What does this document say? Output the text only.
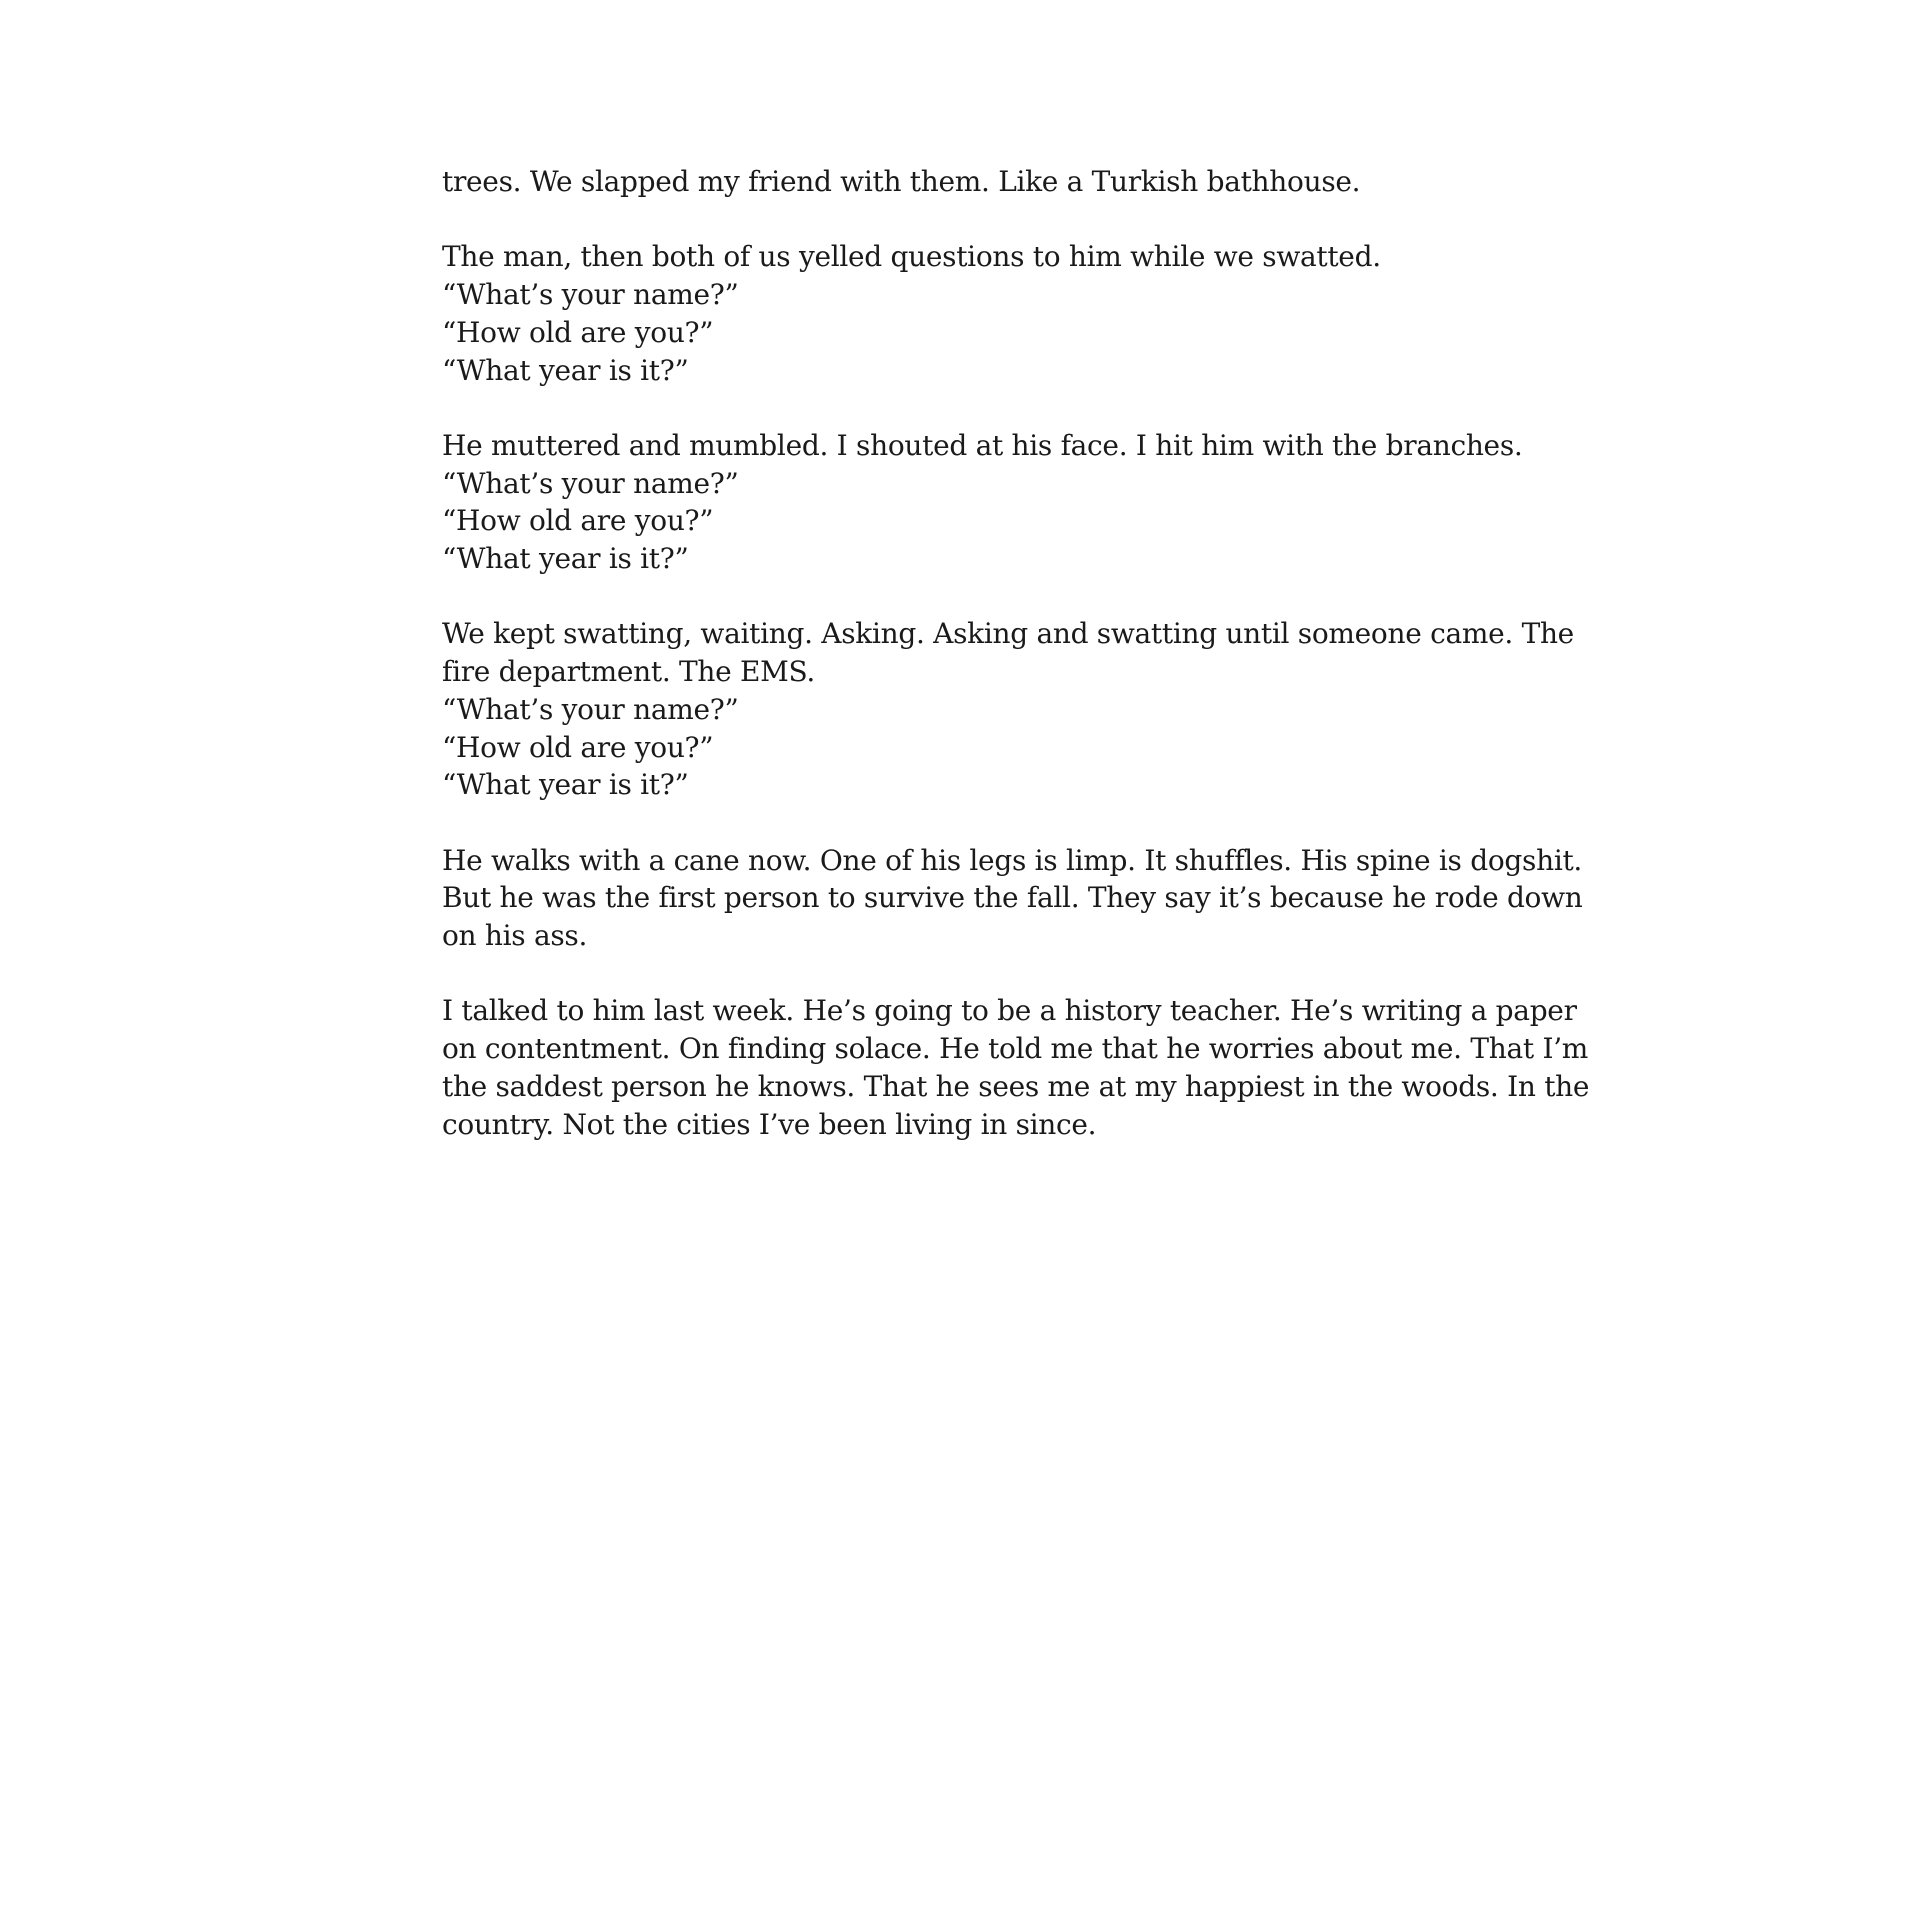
trees. We slapped my friend with them. Like a Turkish bathhouse.
The man, then both of us yelled questions to him while we swatted.
“What’s your name?”
“How old are you?”
“What year is it?”
He muttered and mumbled. I shouted at his face. I hit him with the branches.
“What’s your name?”
“How old are you?”
“What year is it?”
We kept swatting, waiting. Asking. Asking and swatting until someone came. The
fire department. The EMS.
“What’s your name?”
“How old are you?”
“What year is it?”
He walks with a cane now. One of his legs is limp. It shuffles. His spine is dogshit.
But he was the first person to survive the fall. They say it’s because he rode down
on his ass.
I talked to him last week. He’s going to be a history teacher. He’s writing a paper
on contentment. On finding solace. He told me that he worries about me. That I’m
the saddest person he knows. That he sees me at my happiest in the woods. In the
country. Not the cities I’ve been living in since.
